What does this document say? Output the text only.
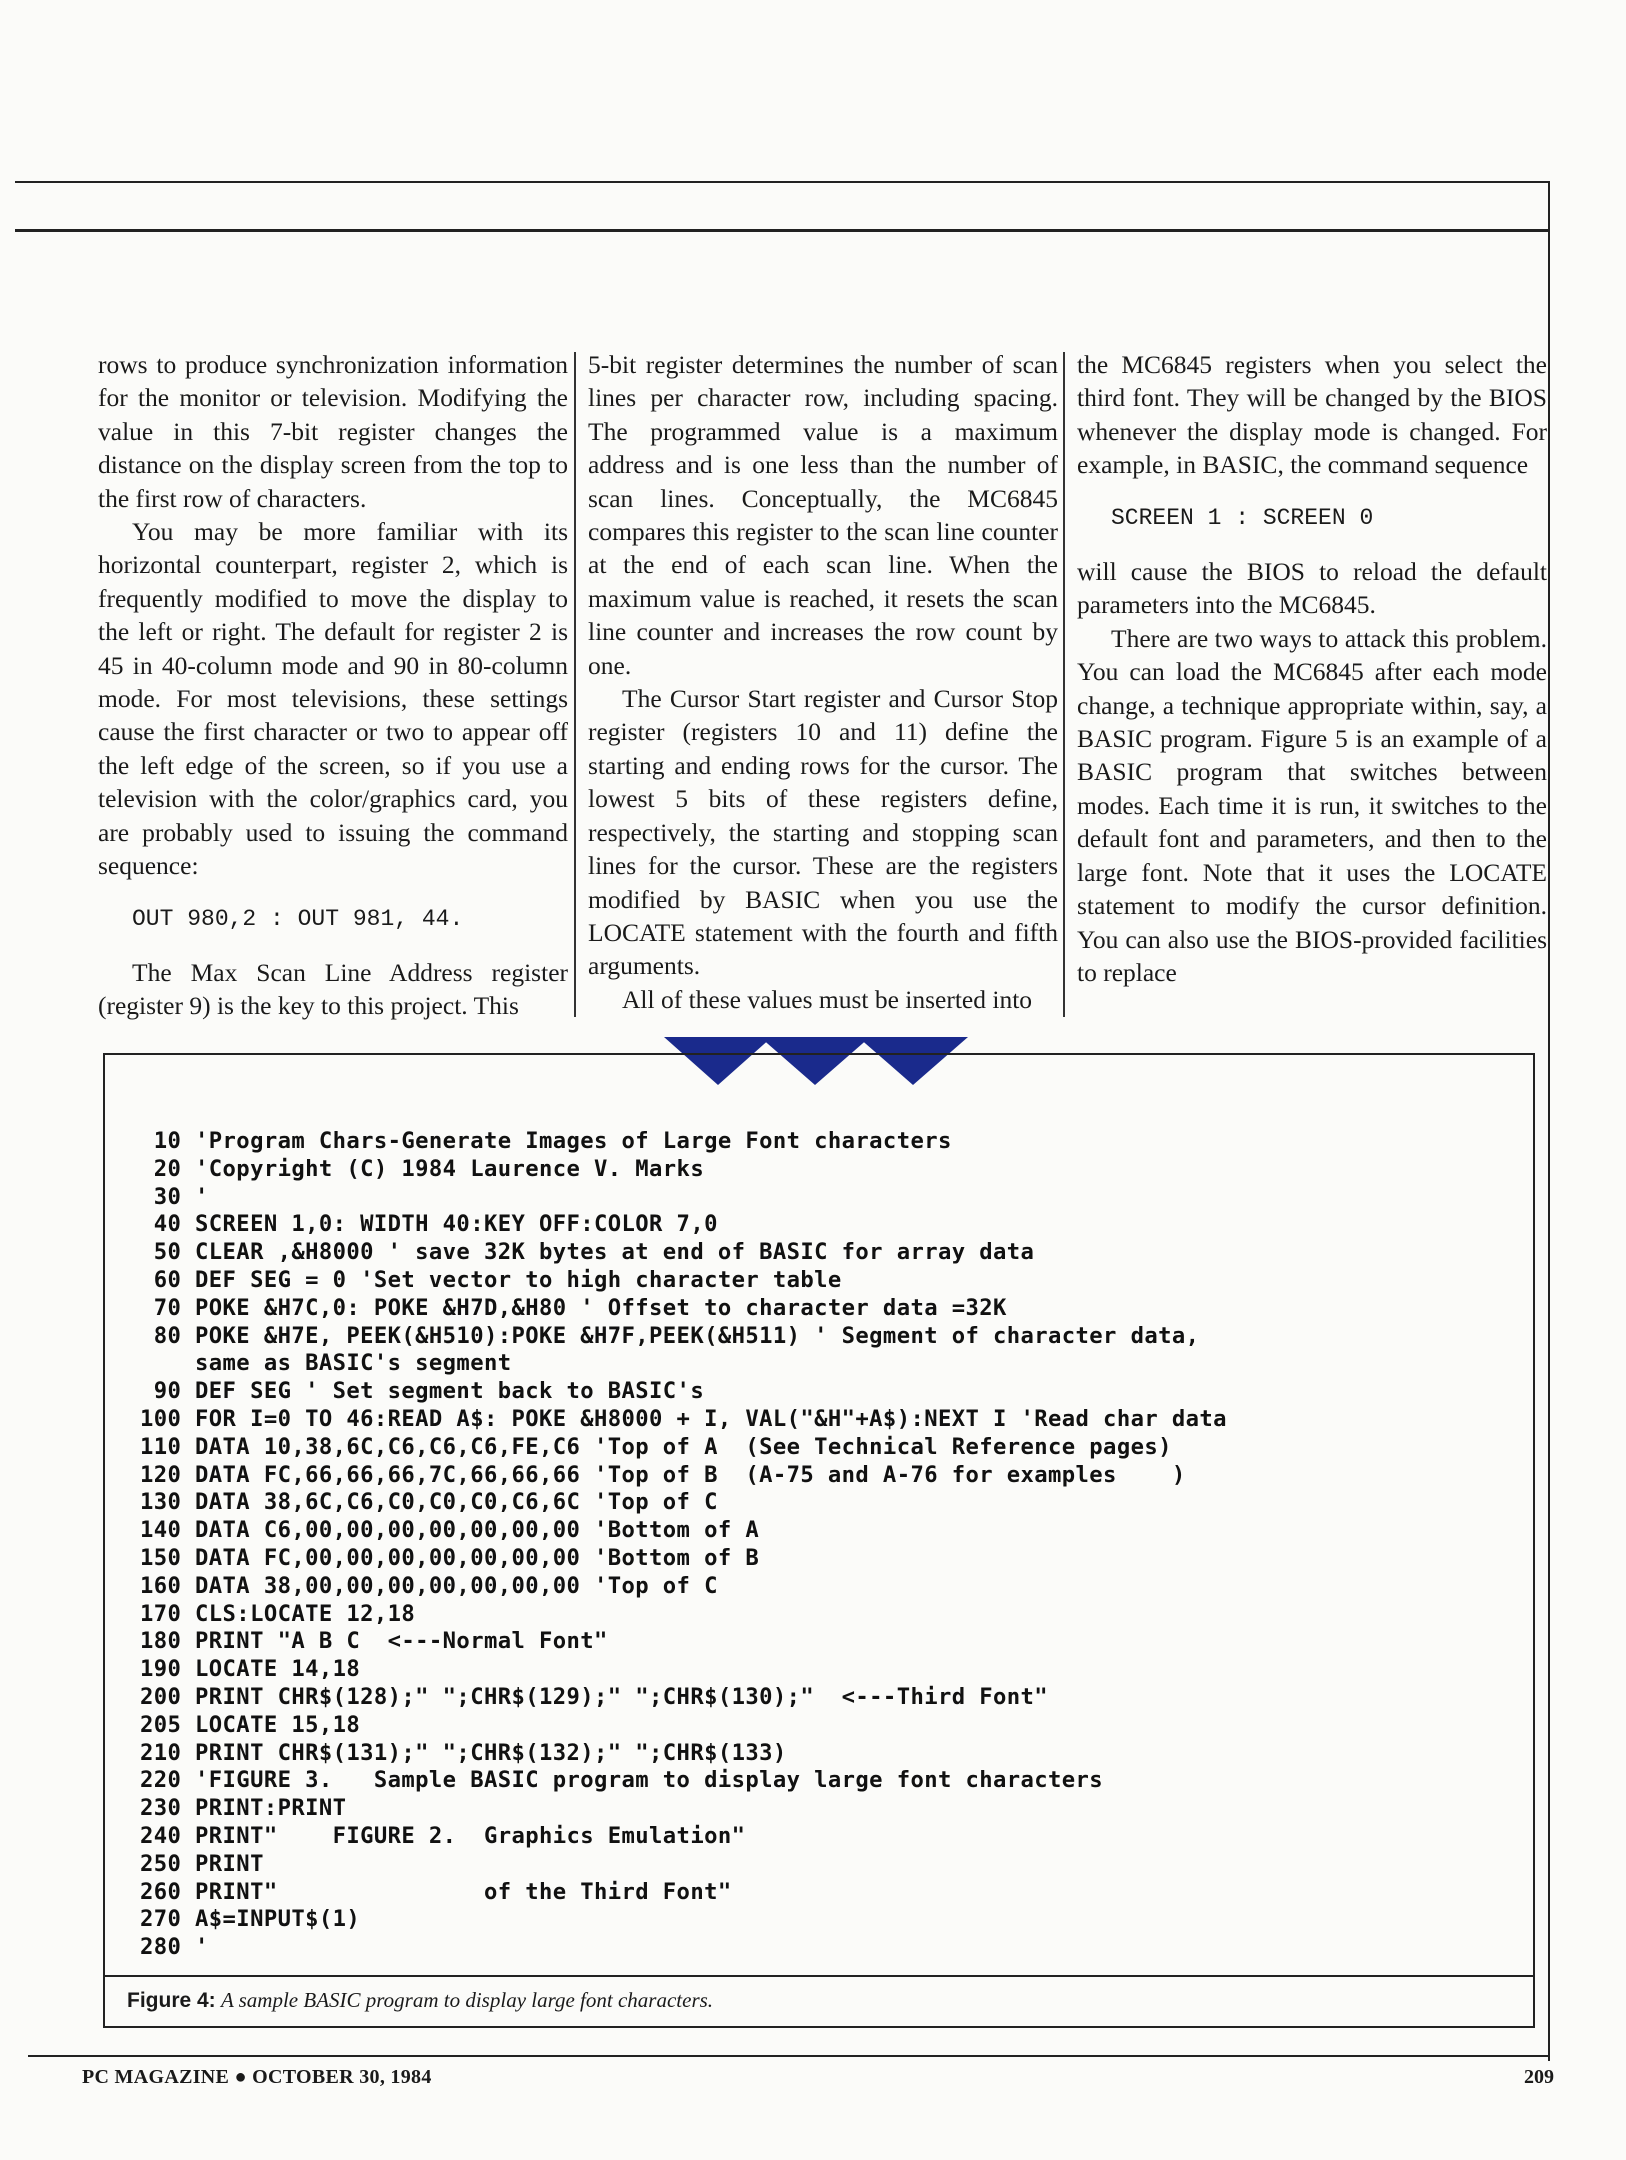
rows to produce synchronization information for the monitor or television. Modifying the value in this 7-bit register changes the distance on the display screen from the top to the first row of characters.

You may be more familiar with its horizontal counterpart, register 2, which is frequently modified to move the display to the left or right. The default for register 2 is 45 in 40-column mode and 90 in 80-column mode. For most televisions, these settings cause the first character or two to appear off the left edge of the screen, so if you use a television with the color/graphics card, you are probably used to issuing the command sequence:

OUT 980,2 : OUT 981, 44.

The Max Scan Line Address register (register 9) is the key to this project. This

5-bit register determines the number of scan lines per character row, including spacing. The programmed value is a maximum address and is one less than the number of scan lines. Conceptually, the MC6845 compares this register to the scan line counter at the end of each scan line. When the maximum value is reached, it resets the scan line counter and increases the row count by one.

The Cursor Start register and Cursor Stop register (registers 10 and 11) define the starting and ending rows for the cursor. The lowest 5 bits of these registers define, respectively, the starting and stopping scan lines for the cursor. These are the registers modified by BASIC when you use the LOCATE statement with the fourth and fifth arguments.

All of these values must be inserted into

the MC6845 registers when you select the third font. They will be changed by the BIOS whenever the display mode is changed. For example, in BASIC, the command sequence

SCREEN 1 : SCREEN 0

will cause the BIOS to reload the default parameters into the MC6845.

There are two ways to attack this problem. You can load the MC6845 after each mode change, a technique appropriate within, say, a BASIC program. Figure 5 is an example of a BASIC program that switches between modes. Each time it is run, it switches to the default font and parameters, and then to the large font. Note that it uses the LOCATE statement to modify the cursor definition. You can also use the BIOS-provided facilities to replace

10 'Program Chars-Generate Images of Large Font characters
20 'Copyright (C) 1984 Laurence V. Marks
30 '
40 SCREEN 1,0: WIDTH 40:KEY OFF:COLOR 7,0
50 CLEAR ,&H8000 ' save 32K bytes at end of BASIC for array data
60 DEF SEG = 0 'Set vector to high character table
70 POKE &H7C,0: POKE &H7D,&H80 ' Offset to character data =32K
80 POKE &H7E, PEEK(&H510):POKE &H7F,PEEK(&H511) ' Segment of character data,
same as BASIC's segment
90 DEF SEG ' Set segment back to BASIC's
100 FOR I=0 TO 46:READ A$: POKE &H8000 + I, VAL("&H"+A$):NEXT I 'Read char data
110 DATA 10,38,6C,C6,C6,C6,FE,C6 'Top of A  (See Technical Reference pages)
120 DATA FC,66,66,66,7C,66,66,66 'Top of B  (A-75 and A-76 for examples    )
130 DATA 38,6C,C6,C0,C0,C0,C6,6C 'Top of C
140 DATA C6,00,00,00,00,00,00,00 'Bottom of A
150 DATA FC,00,00,00,00,00,00,00 'Bottom of B
160 DATA 38,00,00,00,00,00,00,00 'Top of C
170 CLS:LOCATE 12,18
180 PRINT "A B C  <---Normal Font"
190 LOCATE 14,18
200 PRINT CHR$(128);" ";CHR$(129);" ";CHR$(130);"  <---Third Font"
205 LOCATE 15,18
210 PRINT CHR$(131);" ";CHR$(132);" ";CHR$(133)
220 'FIGURE 3.   Sample BASIC program to display large font characters
230 PRINT:PRINT
240 PRINT"    FIGURE 2.  Graphics Emulation"
250 PRINT
260 PRINT"               of the Third Font"
270 A$=INPUT$(1)
280 '
Figure 4: A sample BASIC program to display large font characters.
PC MAGAZINE ● OCTOBER 30, 1984	209
